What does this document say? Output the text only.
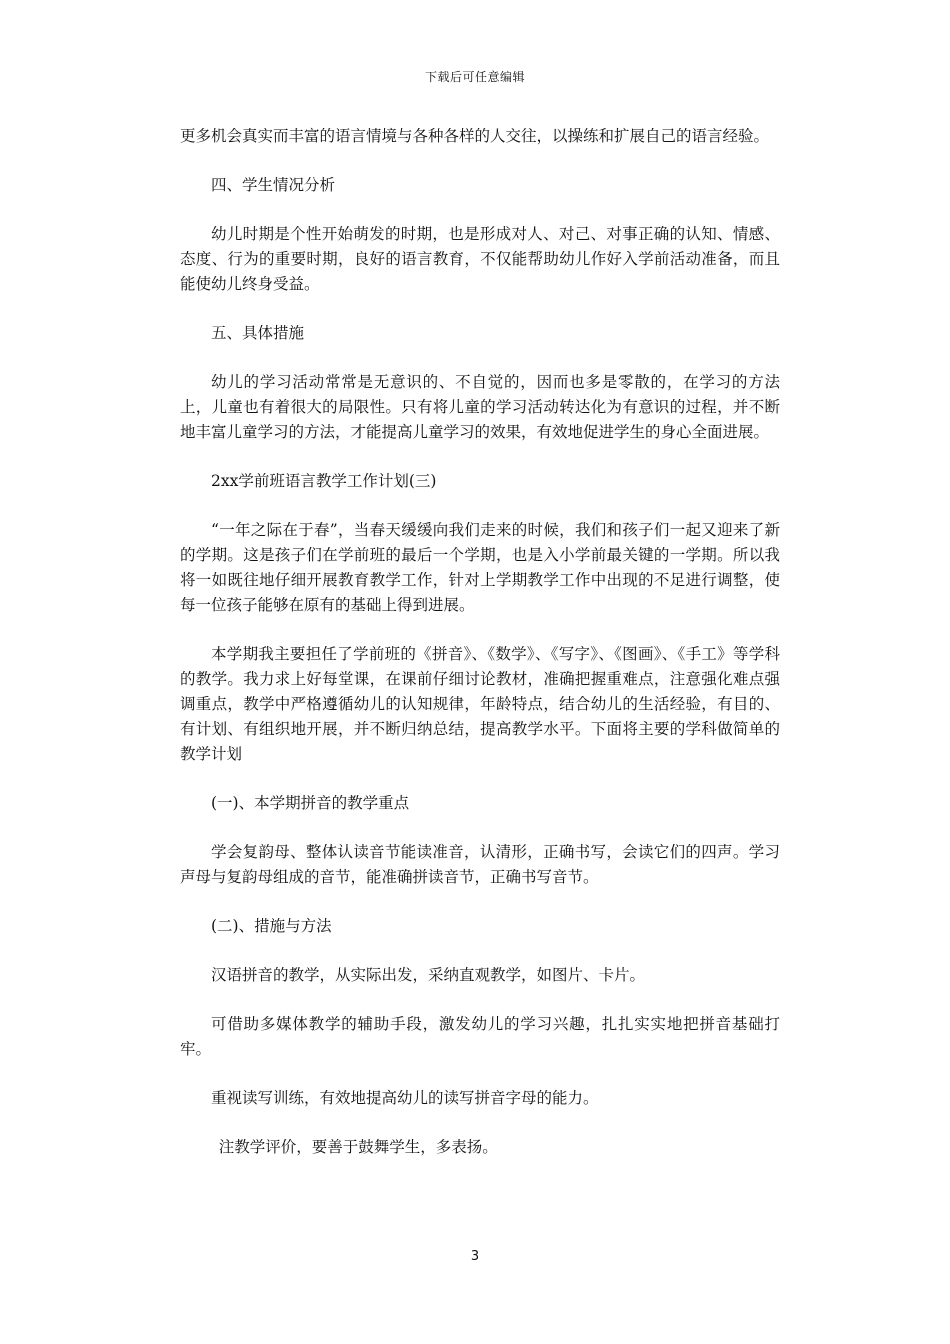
下载后可任意编辑

更多机会真实而丰富的语言情境与各种各样的人交往，以操练和扩展自己的语言经验。

四、学生情况分析

幼儿时期是个性开始萌发的时期，也是形成对人、对己、对事正确的认知、情感、态度、行为的重要时期，良好的语言教育，不仅能帮助幼儿作好入学前活动准备，而且能使幼儿终身受益。

五、具体措施

幼儿的学习活动常常是无意识的、不自觉的，因而也多是零散的，在学习的方法上，儿童也有着很大的局限性。只有将儿童的学习活动转达化为有意识的过程，并不断地丰富儿童学习的方法，才能提高儿童学习的效果，有效地促进学生的身心全面进展。

2xx学前班语言教学工作计划(三)

“一年之际在于春”，当春天缓缓向我们走来的时候，我们和孩子们一起又迎来了新的学期。这是孩子们在学前班的最后一个学期，也是入小学前最关键的一学期。所以我将一如既往地仔细开展教育教学工作，针对上学期教学工作中出现的不足进行调整，使每一位孩子能够在原有的基础上得到进展。

本学期我主要担任了学前班的《拼音》、《数学》、《写字》、《图画》、《手工》等学科的教学。我力求上好每堂课，在课前仔细讨论教材，准确把握重难点，注意强化难点强调重点，教学中严格遵循幼儿的认知规律，年龄特点，结合幼儿的生活经验，有目的、有计划、有组织地开展，并不断归纳总结，提高教学水平。下面将主要的学科做简单的教学计划

(一)、本学期拼音的教学重点

学会复韵母、整体认读音节能读准音，认清形，正确书写，会读它们的四声。学习声母与复韵母组成的音节，能准确拼读音节，正确书写音节。

(二)、措施与方法

汉语拼音的教学，从实际出发，采纳直观教学，如图片、卡片。

可借助多媒体教学的辅助手段，激发幼儿的学习兴趣，扎扎实实地把拼音基础打牢。

重视读写训练，有效地提高幼儿的读写拼音字母的能力。

注教学评价，要善于鼓舞学生，多表扬。

3
